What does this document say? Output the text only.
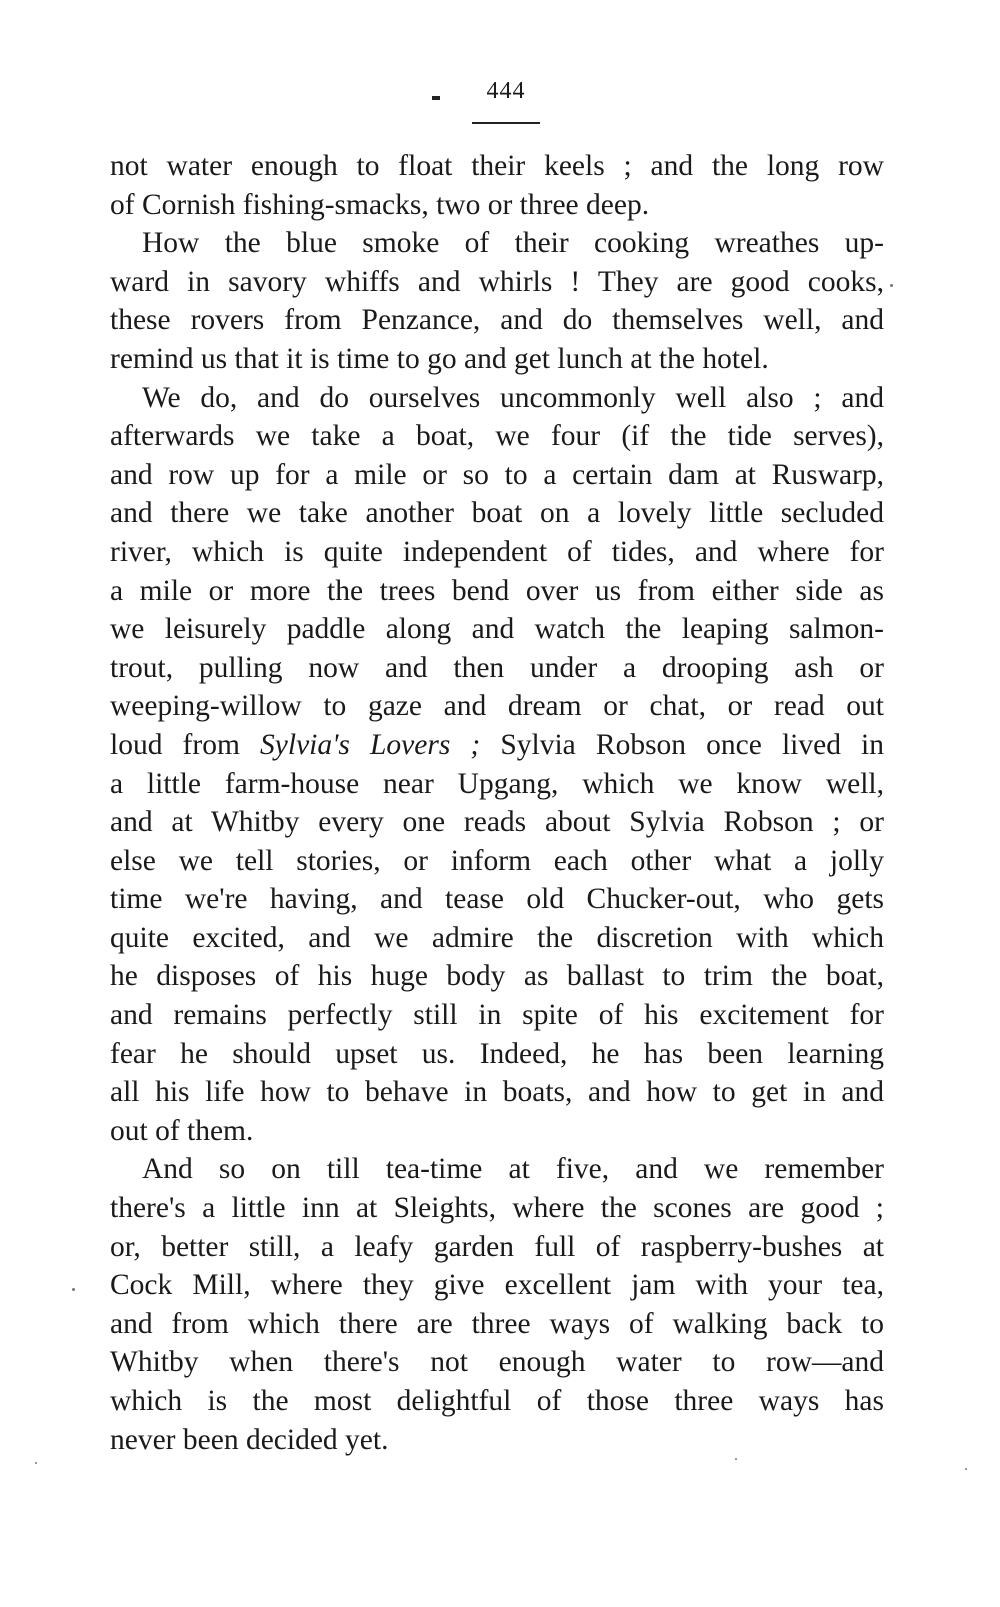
444
not water enough to float their keels ; and the long row
of Cornish fishing-smacks, two or three deep.
How the blue smoke of their cooking wreathes up-
ward in savory whiffs and whirls ! They are good cooks,
these rovers from Penzance, and do themselves well, and
remind us that it is time to go and get lunch at the hotel.
We do, and do ourselves uncommonly well also ; and
afterwards we take a boat, we four (if the tide serves),
and row up for a mile or so to a certain dam at Ruswarp,
and there we take another boat on a lovely little secluded
river, which is quite independent of tides, and where for
a mile or more the trees bend over us from either side as
we leisurely paddle along and watch the leaping salmon-
trout, pulling now and then under a drooping ash or
weeping-willow to gaze and dream or chat, or read out
loud from Sylvia's Lovers ; Sylvia Robson once lived in
a little farm-house near Upgang, which we know well,
and at Whitby every one reads about Sylvia Robson ; or
else we tell stories, or inform each other what a jolly
time we're having, and tease old Chucker-out, who gets
quite excited, and we admire the discretion with which
he disposes of his huge body as ballast to trim the boat,
and remains perfectly still in spite of his excitement for
fear he should upset us. Indeed, he has been learning
all his life how to behave in boats, and how to get in and
out of them.
And so on till tea-time at five, and we remember
there's a little inn at Sleights, where the scones are good ;
or, better still, a leafy garden full of raspberry-bushes at
Cock Mill, where they give excellent jam with your tea,
and from which there are three ways of walking back to
Whitby when there's not enough water to row—and
which is the most delightful of those three ways has
never been decided yet.
